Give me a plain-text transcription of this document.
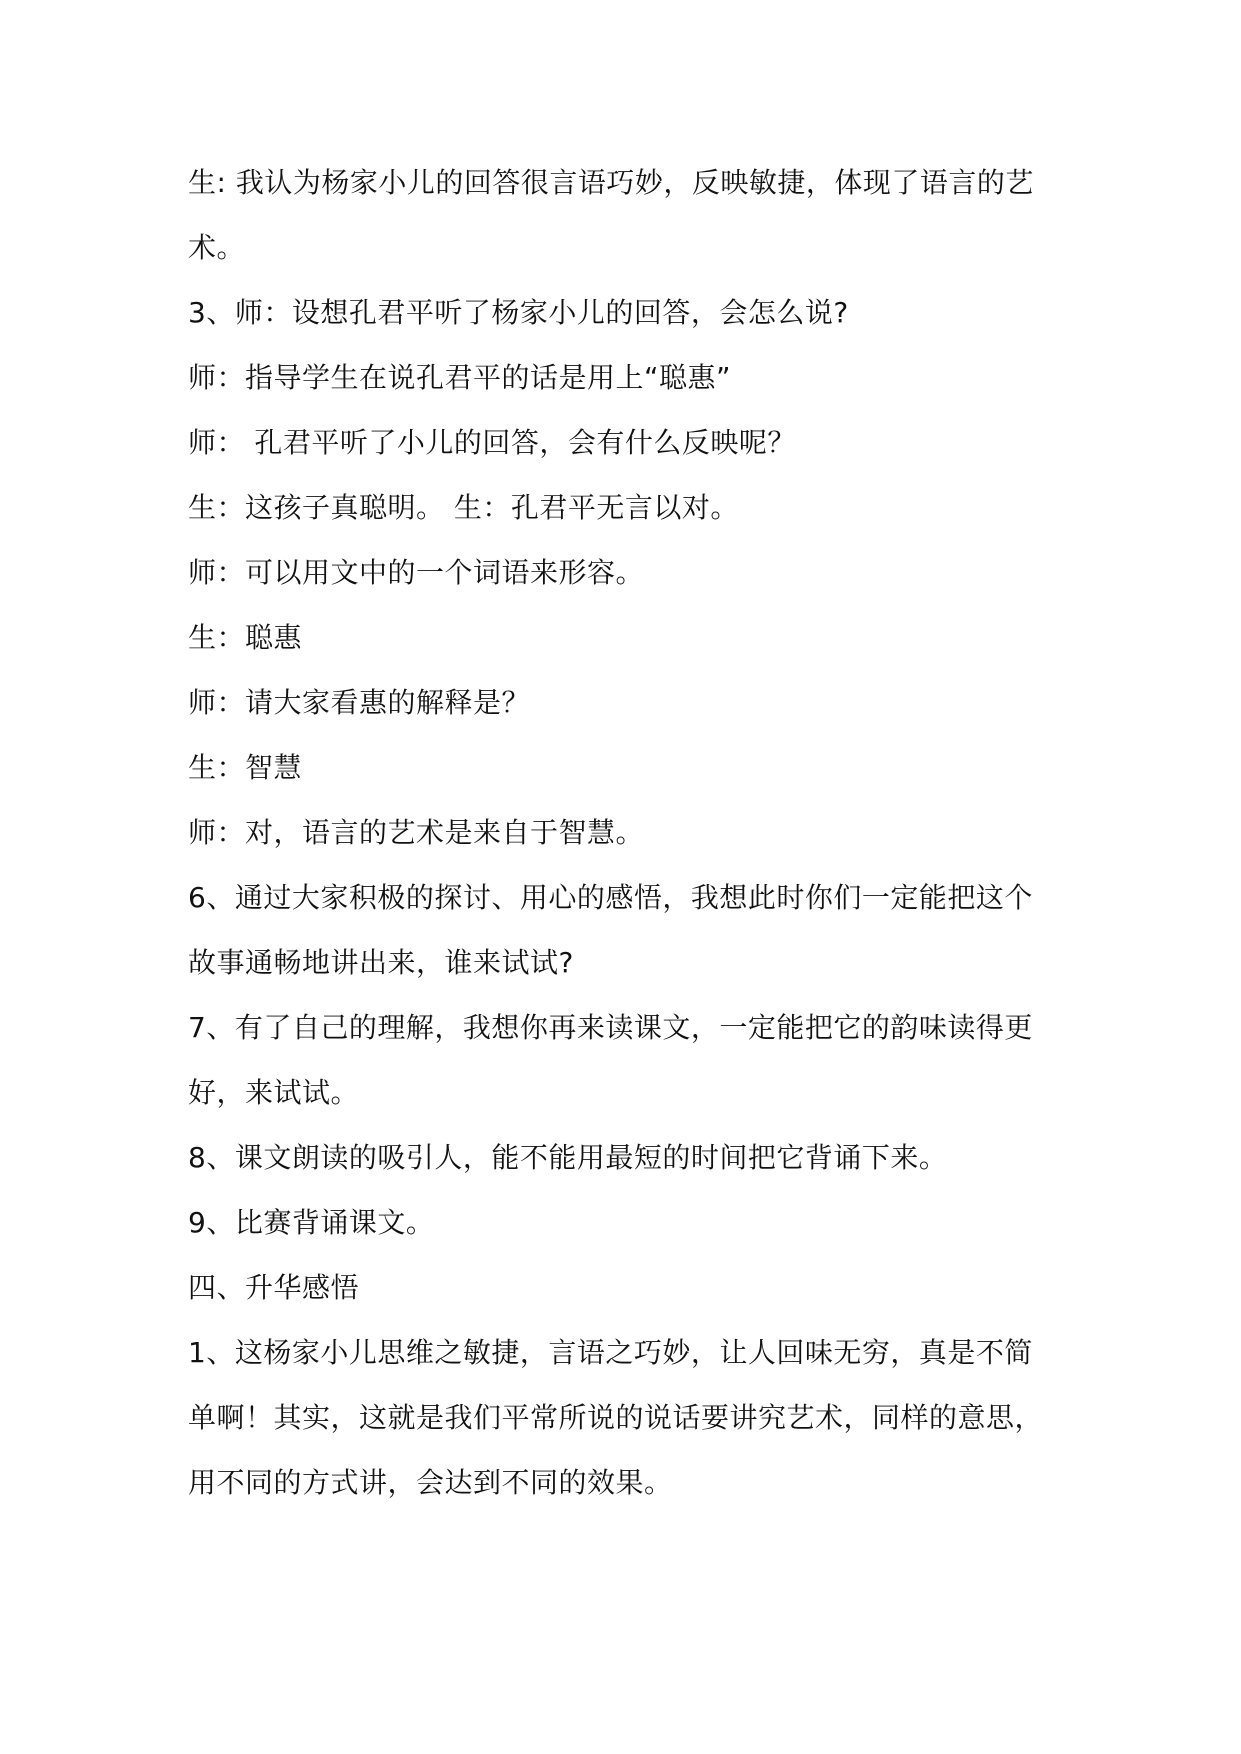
生: 我认为杨家小儿的回答很言语巧妙，反映敏捷，体现了语言的艺
术。
3、师：设想孔君平听了杨家小儿的回答，会怎么说?
师：指导学生在说孔君平的话是用上“聪惠”
师： 孔君平听了小儿的回答，会有什么反映呢？
生：这孩子真聪明。 生：孔君平无言以对。
师：可以用文中的一个词语来形容。
生：聪惠
师：请大家看惠的解释是？
生：智慧
师：对，语言的艺术是来自于智慧。
6、通过大家积极的探讨、用心的感悟，我想此时你们一定能把这个
故事通畅地讲出来，谁来试试?
7、有了自己的理解，我想你再来读课文，一定能把它的韵味读得更
好，来试试。
8、课文朗读的吸引人，能不能用最短的时间把它背诵下来。
9、比赛背诵课文。
四、升华感悟
1、这杨家小儿思维之敏捷，言语之巧妙，让人回味无穷，真是不简
单啊！其实，这就是我们平常所说的说话要讲究艺术，同样的意思，
用不同的方式讲，会达到不同的效果。
